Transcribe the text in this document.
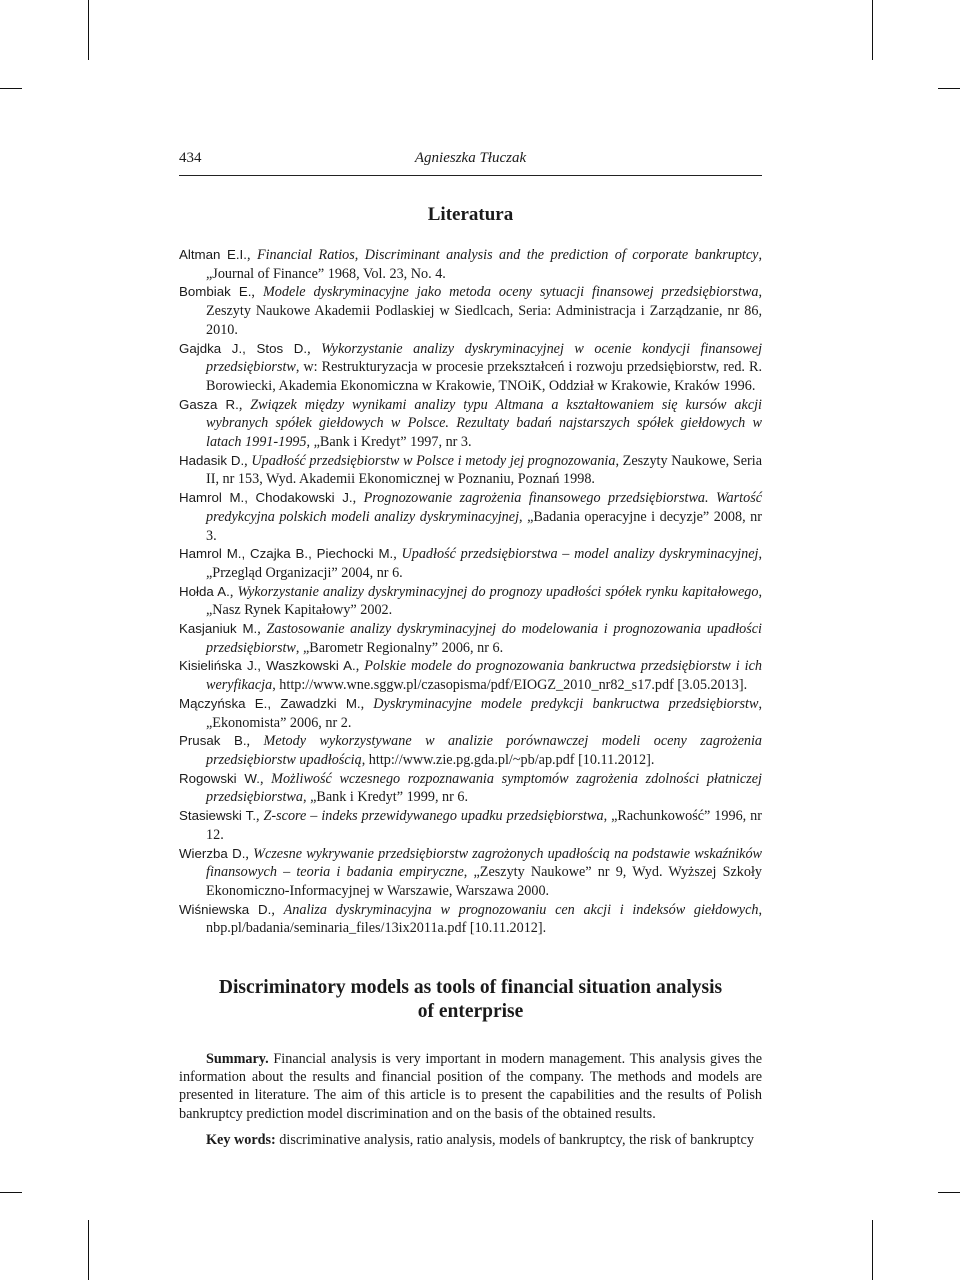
434	Agnieszka Tłuczak
Literatura

Altman E.I., Financial Ratios, Discriminant analysis and the prediction of corporate bankruptcy, „Journal of Finance” 1968, Vol. 23, No. 4.

Bombiak E., Modele dyskryminacyjne jako metoda oceny sytuacji finansowej przedsiębiorstwa, Zeszyty Naukowe Akademii Podlaskiej w Siedlcach, Seria: Administracja i Zarządzanie, nr 86, 2010.

Gajdka J., Stos D., Wykorzystanie analizy dyskryminacyjnej w ocenie kondycji finansowej przedsiębiorstw, w: Restrukturyzacja w procesie przekształceń i rozwoju przedsiębiorstw, red. R. Borowiecki, Akademia Ekonomiczna w Krakowie, TNOiK, Oddział w Krakowie, Kraków 1996.

Gasza R., Związek między wynikami analizy typu Altmana a kształtowaniem się kursów akcji wybranych spółek giełdowych w Polsce. Rezultaty badań najstarszych spółek giełdowych w latach 1991-1995, „Bank i Kredyt” 1997, nr 3.

Hadasik D., Upadłość przedsiębiorstw w Polsce i metody jej prognozowania, Zeszyty Naukowe, Seria II, nr 153, Wyd. Akademii Ekonomicznej w Poznaniu, Poznań 1998.

Hamrol M., Chodakowski J., Prognozowanie zagrożenia finansowego przedsiębiorstwa. Wartość predykcyjna polskich modeli analizy dyskryminacyjnej, „Badania operacyjne i decyzje” 2008, nr 3.

Hamrol M., Czajka B., Piechocki M., Upadłość przedsiębiorstwa – model analizy dyskryminacyjnej, „Przegląd Organizacji” 2004, nr 6.

Hołda A., Wykorzystanie analizy dyskryminacyjnej do prognozy upadłości spółek rynku kapitałowego, „Nasz Rynek Kapitałowy” 2002.

Kasjaniuk M., Zastosowanie analizy dyskryminacyjnej do modelowania i prognozowania upadłości przedsiębiorstw, „Barometr Regionalny” 2006, nr 6.

Kisielińska J., Waszkowski A., Polskie modele do prognozowania bankructwa przedsiębiorstw i ich weryfikacja, http://www.wne.sggw.pl/czasopisma/pdf/EIOGZ_2010_nr82_s17.pdf [3.05.2013].

Mączyńska E., Zawadzki M., Dyskryminacyjne modele predykcji bankructwa przedsiębiorstw, „Ekonomista” 2006, nr 2.

Prusak B., Metody wykorzystywane w analizie porównawczej modeli oceny zagrożenia przedsiębiorstw upadłością, http://www.zie.pg.gda.pl/~pb/ap.pdf [10.11.2012].

Rogowski W., Możliwość wczesnego rozpoznawania symptomów zagrożenia zdolności płatniczej przedsiębiorstwa, „Bank i Kredyt” 1999, nr 6.

Stasiewski T., Z-score – indeks przewidywanego upadku przedsiębiorstwa, „Rachunkowość” 1996, nr 12.

Wierzba D., Wczesne wykrywanie przedsiębiorstw zagrożonych upadłością na podstawie wskaźników finansowych – teoria i badania empiryczne, „Zeszyty Naukowe” nr 9, Wyd. Wyższej Szkoły Ekonomiczno-Informacyjnej w Warszawie, Warszawa 2000.

Wiśniewska D., Analiza dyskryminacyjna w prognozowaniu cen akcji i indeksów giełdowych, nbp.pl/badania/seminaria_files/13ix2011a.pdf [10.11.2012].

Discriminatory models as tools of financial situation analysis
of enterprise

Summary. Financial analysis is very important in modern management. This analysis gives the information about the results and financial position of the company. The methods and models are presented in literature. The aim of this article is to present the capabilities and the results of Polish bankruptcy prediction model discrimination and on the basis of the obtained results.

Key words: discriminative analysis, ratio analysis, models of bankruptcy, the risk of bankruptcy
